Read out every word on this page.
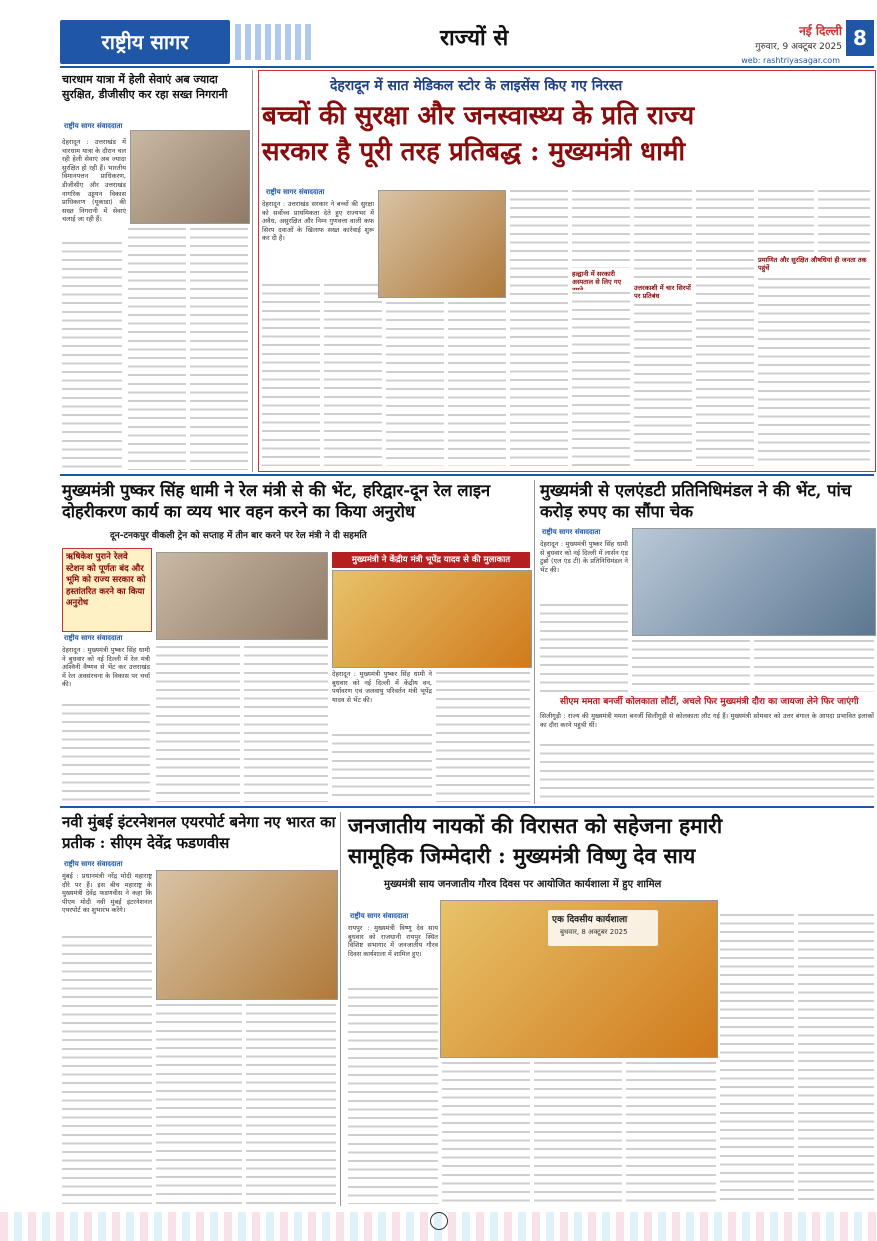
राष्ट्रीय सागर	राज्यों से	नई दिल्ली
गुरुवार, 9 अक्टूबर 2025 8
web: rashtriyasagar.com
चारधाम यात्रा में हेली सेवाएं अब ज्यादा सुरक्षित, डीजीसीए कर रहा सख्त निगरानी
राष्ट्रीय सागर संवाददाता
देहरादून : उत्तराखंड में चारधाम यात्रा के दौरान चल रही हेली सेवाएं अब ज्यादा सुरक्षित हो रही हैं। भारतीय विमानपत्तन प्राधिकरण, डीजीसीए और उत्तराखंड नागरिक उड्डयन विकास प्राधिकरण (यूकाडा) की सख्त निगरानी में सेवाएं चलाई जा रही हैं।
देहरादून में सात मेडिकल स्टोर के लाइसेंस किए गए निरस्त
बच्चों की सुरक्षा और जनस्वास्थ्य के प्रति राज्य
सरकार है पूरी तरह प्रतिबद्ध : मुख्यमंत्री धामी
राष्ट्रीय सागर संवाददाता
देहरादून : उत्तराखंड सरकार ने बच्चों की सुरक्षा को सर्वोच्च प्राथमिकता देते हुए राज्यभर में अवैध, असुरक्षित और निम्न गुणवत्ता वाली कफ सिरप दवाओं के खिलाफ सख्त कार्रवाई शुरू कर दी है।
हल्द्वानी में सरकारी अस्पताल से लिए गए
उत्तरकाशी में चार सिरपों पर प्रतिबंध
प्रमाणित और सुरक्षित औषधियां ही जनता तक पहुंचें
मुख्यमंत्री पुष्कर सिंह धामी ने रेल मंत्री से की भेंट, हरिद्वार-दून रेल लाइन दोहरीकरण कार्य का व्यय भार वहन करने का किया अनुरोध
दून-टनकपुर वीकली ट्रेन को सप्ताह में तीन बार करने पर रेल मंत्री ने दी सहमति
ऋषिकेश पुराने रेलवे स्टेशन को पूर्णतः बंद और भूमि को राज्य सरकार को हस्तांतरित करने का किया अनुरोध
राष्ट्रीय सागर संवाददाता
देहरादून : मुख्यमंत्री पुष्कर सिंह धामी ने बुधवार को नई दिल्ली में रेल मंत्री अश्विनी वैष्णव से भेंट कर उत्तराखंड में रेल अवसंरचना के विकास पर चर्चा की।
मुख्यमंत्री ने केंद्रीय मंत्री भूपेंद्र यादव से की मुलाकात
देहरादून : मुख्यमंत्री पुष्कर सिंह धामी ने बुधवार को नई दिल्ली में केंद्रीय वन, पर्यावरण एवं जलवायु परिवर्तन मंत्री भूपेंद्र यादव से भेंट की।
मुख्यमंत्री से एलएंडटी प्रतिनिधिमंडल ने की भेंट, पांच करोड़ रुपए का सौंपा चेक
राष्ट्रीय सागर संवाददाता
देहरादून : मुख्यमंत्री पुष्कर सिंह धामी से बुधवार को नई दिल्ली में लार्सन एंड टुब्रो (एल एंड टी) के प्रतिनिधिमंडल ने भेंट की।
सीएम ममता बनर्जी कोलकाता लौटीं, अचले फिर मुख्यमंत्री दौरा का जायजा लेने फिर जाएंगी
सिलीगुड़ी : राज्य की मुख्यमंत्री ममता बनर्जी सिलीगुड़ी से कोलकाता लौट गई हैं। मुख्यमंत्री सोमवार को उत्तर बंगाल के आपदा प्रभावित इलाकों का दौरा करने पहुंची थीं।
नवी मुंबई इंटरनेशनल एयरपोर्ट बनेगा नए भारत का प्रतीक : सीएम देवेंद्र फडणवीस
राष्ट्रीय सागर संवाददाता
मुंबई : प्रधानमंत्री नरेंद्र मोदी महाराष्ट्र दौरे पर हैं। इस बीच महाराष्ट्र के मुख्यमंत्री देवेंद्र फडणवीस ने कहा कि पीएम मोदी नवी मुंबई इंटरनेशनल एयरपोर्ट का शुभारंभ करेंगे।
जनजातीय नायकों की विरासत को सहेजना हमारी
सामूहिक जिम्मेदारी : मुख्यमंत्री विष्णु देव साय
मुख्यमंत्री साय जनजातीय गौरव दिवस पर आयोजित कार्यशाला में हुए शामिल
राष्ट्रीय सागर संवाददाता
रायपुर : मुख्यमंत्री विष्णु देव साय बुधवार को राजधानी रायपुर स्थित विशिष्ट सभागार में जनजातीय गौरव दिवस कार्यशाला में शामिल हुए।
एक दिवसीय कार्यशाला
बुधवार, 8 अक्टूबर 2025
